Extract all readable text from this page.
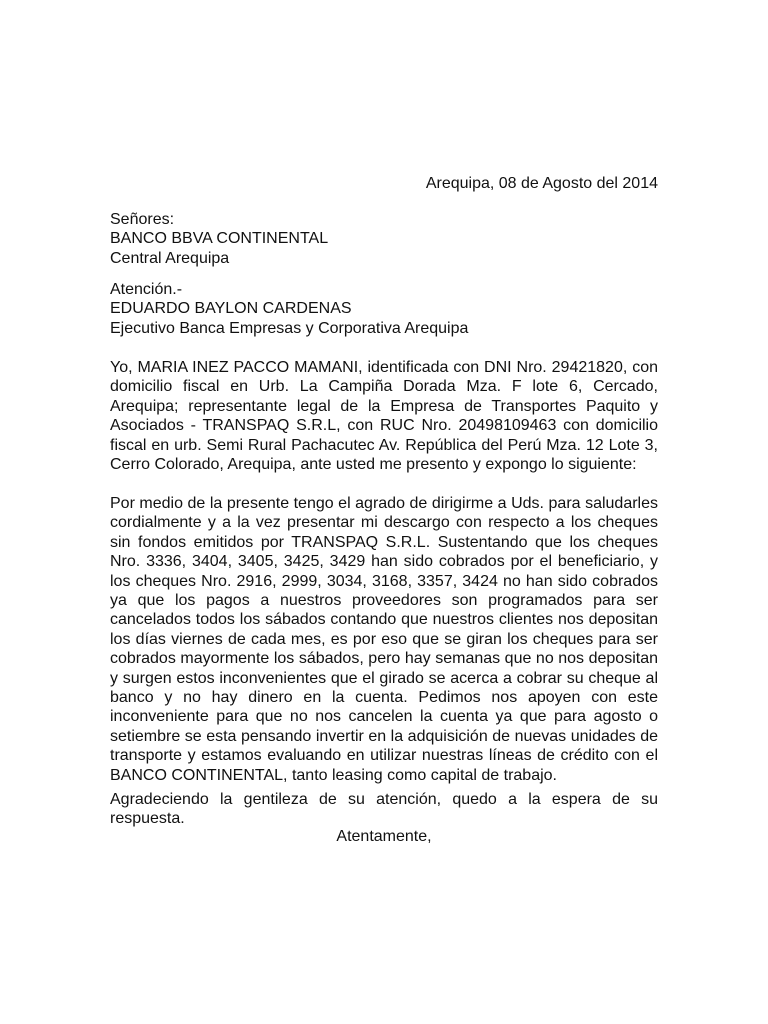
Arequipa, 08 de Agosto del 2014
Señores:
BANCO BBVA CONTINENTAL
Central Arequipa
Atención.-
EDUARDO BAYLON CARDENAS
Ejecutivo Banca Empresas y Corporativa Arequipa
Yo, MARIA INEZ PACCO MAMANI, identificada con DNI Nro. 29421820, con domicilio fiscal en Urb. La Campiña Dorada Mza. F lote 6, Cercado, Arequipa; representante legal de la Empresa de Transportes Paquito y Asociados - TRANSPAQ S.R.L, con RUC Nro. 20498109463 con domicilio fiscal en urb. Semi Rural Pachacutec Av. República del Perú Mza. 12 Lote 3, Cerro Colorado, Arequipa, ante usted me presento y expongo lo siguiente:
Por medio de la presente tengo el agrado de dirigirme a Uds. para saludarles cordialmente y a la vez presentar mi descargo con respecto a los cheques sin fondos emitidos por TRANSPAQ S.R.L. Sustentando que los cheques Nro. 3336, 3404, 3405, 3425, 3429 han sido cobrados por el beneficiario, y los cheques Nro. 2916, 2999, 3034, 3168, 3357, 3424 no han sido cobrados ya que los pagos a nuestros proveedores son programados para ser cancelados todos los sábados contando que nuestros clientes nos depositan los días viernes de cada mes, es por eso que se giran los cheques para ser cobrados mayormente los sábados, pero hay semanas que no nos depositan y surgen estos inconvenientes que el girado se acerca a cobrar su cheque al banco y no hay dinero en la cuenta. Pedimos nos apoyen con este inconveniente para que no nos cancelen la cuenta ya que para agosto o setiembre se esta pensando invertir en la adquisición de nuevas unidades de transporte y estamos evaluando en utilizar nuestras líneas de crédito con el BANCO CONTINENTAL, tanto leasing como capital de trabajo.
Agradeciendo la gentileza de su atención, quedo a la espera de su respuesta.
Atentamente,
